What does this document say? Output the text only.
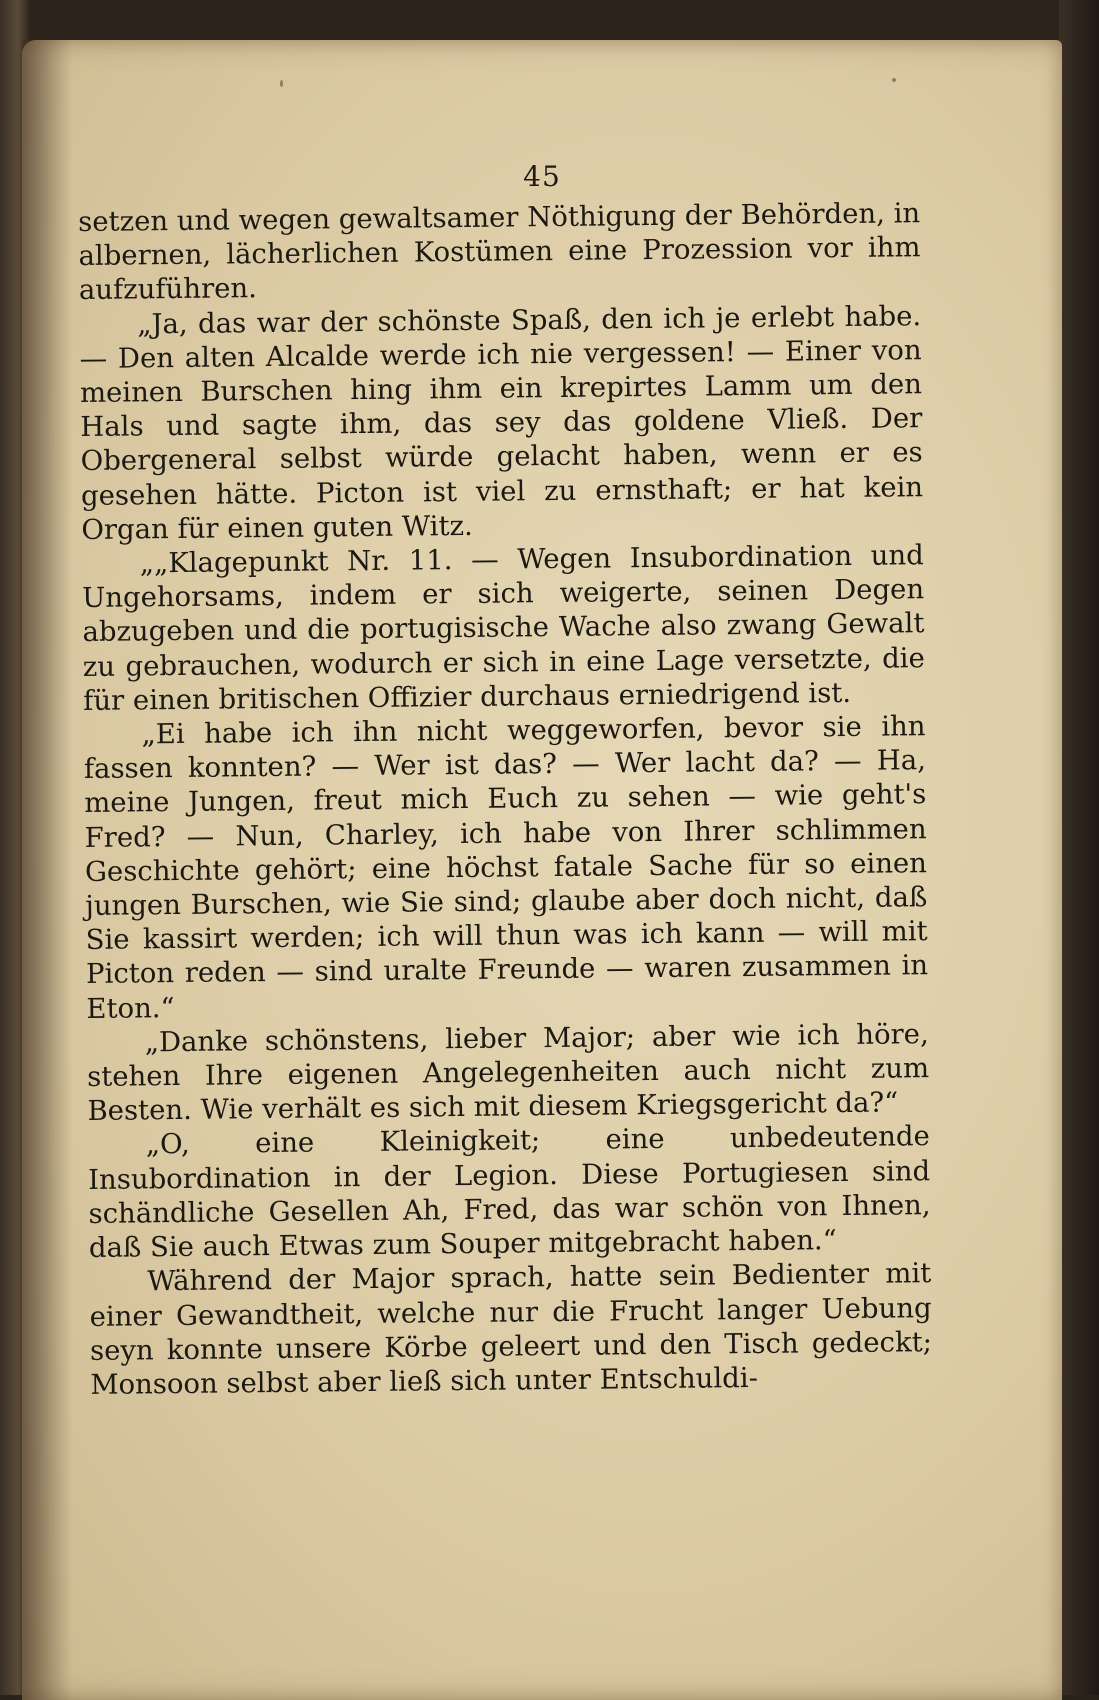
45

setzen und wegen gewaltsamer Nöthigung der Behörden, in albernen, lächerlichen Kostümen eine Prozession vor ihm aufzuführen.

„Ja, das war der schönste Spaß, den ich je erlebt habe. — Den alten Alcalde werde ich nie vergessen! — Einer von meinen Burschen hing ihm ein krepirtes Lamm um den Hals und sagte ihm, das sey das goldene Vließ. Der Obergeneral selbst würde gelacht haben, wenn er es gesehen hätte. Picton ist viel zu ernsthaft; er hat kein Organ für einen guten Witz.

„„Klagepunkt Nr. 11. — Wegen Insubordination und Ungehorsams, indem er sich weigerte, seinen Degen abzugeben und die portugisische Wache also zwang Gewalt zu gebrauchen, wodurch er sich in eine Lage versetzte, die für einen britischen Offizier durchaus erniedrigend ist.

„Ei habe ich ihn nicht weggeworfen, bevor sie ihn fassen konnten? — Wer ist das? — Wer lacht da? — Ha, meine Jungen, freut mich Euch zu sehen — wie geht's Fred? — Nun, Charley, ich habe von Ihrer schlimmen Geschichte gehört; eine höchst fatale Sache für so einen jungen Burschen, wie Sie sind; glaube aber doch nicht, daß Sie kassirt werden; ich will thun was ich kann — will mit Picton reden — sind uralte Freunde — waren zusammen in Eton.“

„Danke schönstens, lieber Major; aber wie ich höre, stehen Ihre eigenen Angelegenheiten auch nicht zum Besten. Wie verhält es sich mit diesem Kriegsgericht da?“

„O, eine Kleinigkeit; eine unbedeutende Insubordination in der Legion. Diese Portugiesen sind schändliche Gesellen Ah, Fred, das war schön von Ihnen, daß Sie auch Etwas zum Souper mitgebracht haben.“

Während der Major sprach, hatte sein Bedienter mit einer Gewandtheit, welche nur die Frucht langer Uebung seyn konnte unsere Körbe geleert und den Tisch gedeckt; Monsoon selbst aber ließ sich unter Entschuldi-
